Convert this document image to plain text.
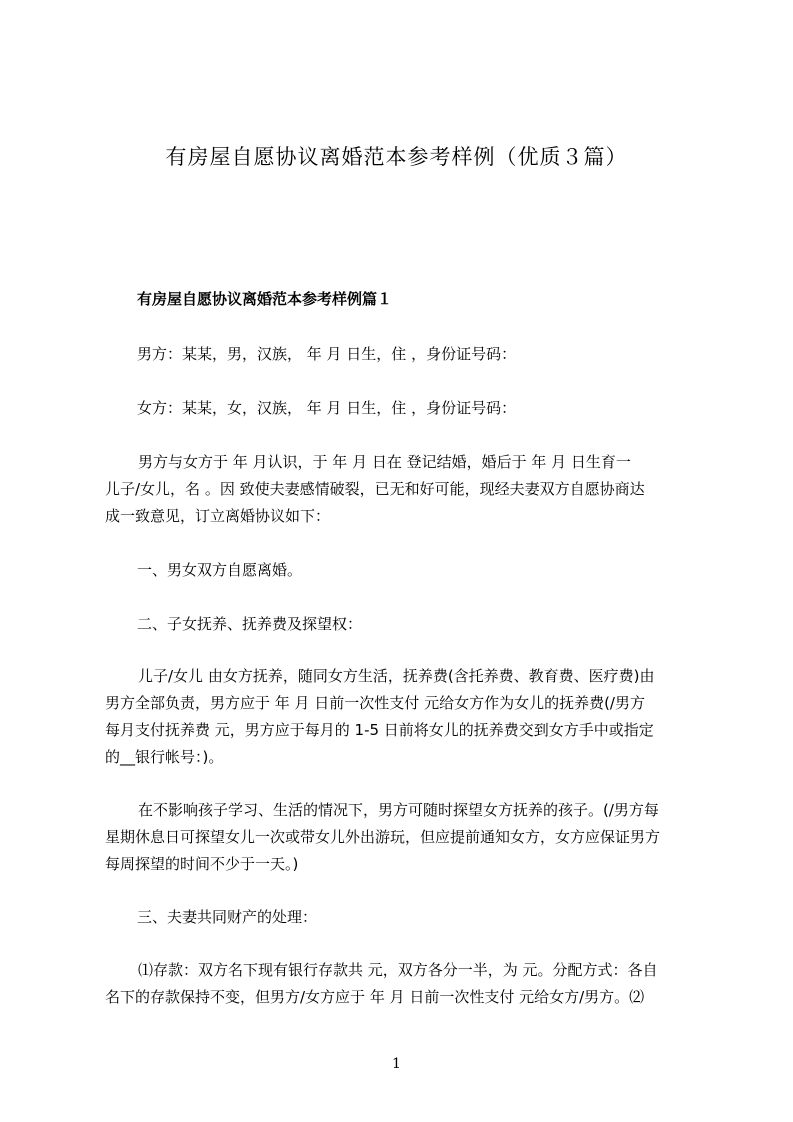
有房屋自愿协议离婚范本参考样例（优质３篇）
有房屋自愿协议离婚范本参考样例篇１
男方：某某，男，汉族， 年 月 日生，住 ，身份证号码：
女方：某某，女，汉族， 年 月 日生，住 ，身份证号码：
男方与女方于 年 月认识，于 年 月 日在 登记结婚，婚后于 年 月 日生育一
儿子/女儿，名 。因 致使夫妻感情破裂，已无和好可能，现经夫妻双方自愿协商达
成一致意见，订立离婚协议如下：
一、男女双方自愿离婚。
二、子女抚养、抚养费及探望权：
儿子/女儿 由女方抚养，随同女方生活，抚养费(含托养费、教育费、医疗费)由
男方全部负责，男方应于 年 月 日前一次性支付 元给女方作为女儿的抚养费(/男方
每月支付抚养费 元，男方应于每月的 1-5 日前将女儿的抚养费交到女方手中或指定
的__银行帐号：)。
在不影响孩子学习、生活的情况下，男方可随时探望女方抚养的孩子。(/男方每
星期休息日可探望女儿一次或带女儿外出游玩，但应提前通知女方，女方应保证男方
每周探望的时间不少于一天。)
三、夫妻共同财产的处理：
⑴存款：双方名下现有银行存款共 元，双方各分一半，为 元。分配方式：各自
名下的存款保持不变，但男方/女方应于 年 月 日前一次性支付 元给女方/男方。⑵
1
